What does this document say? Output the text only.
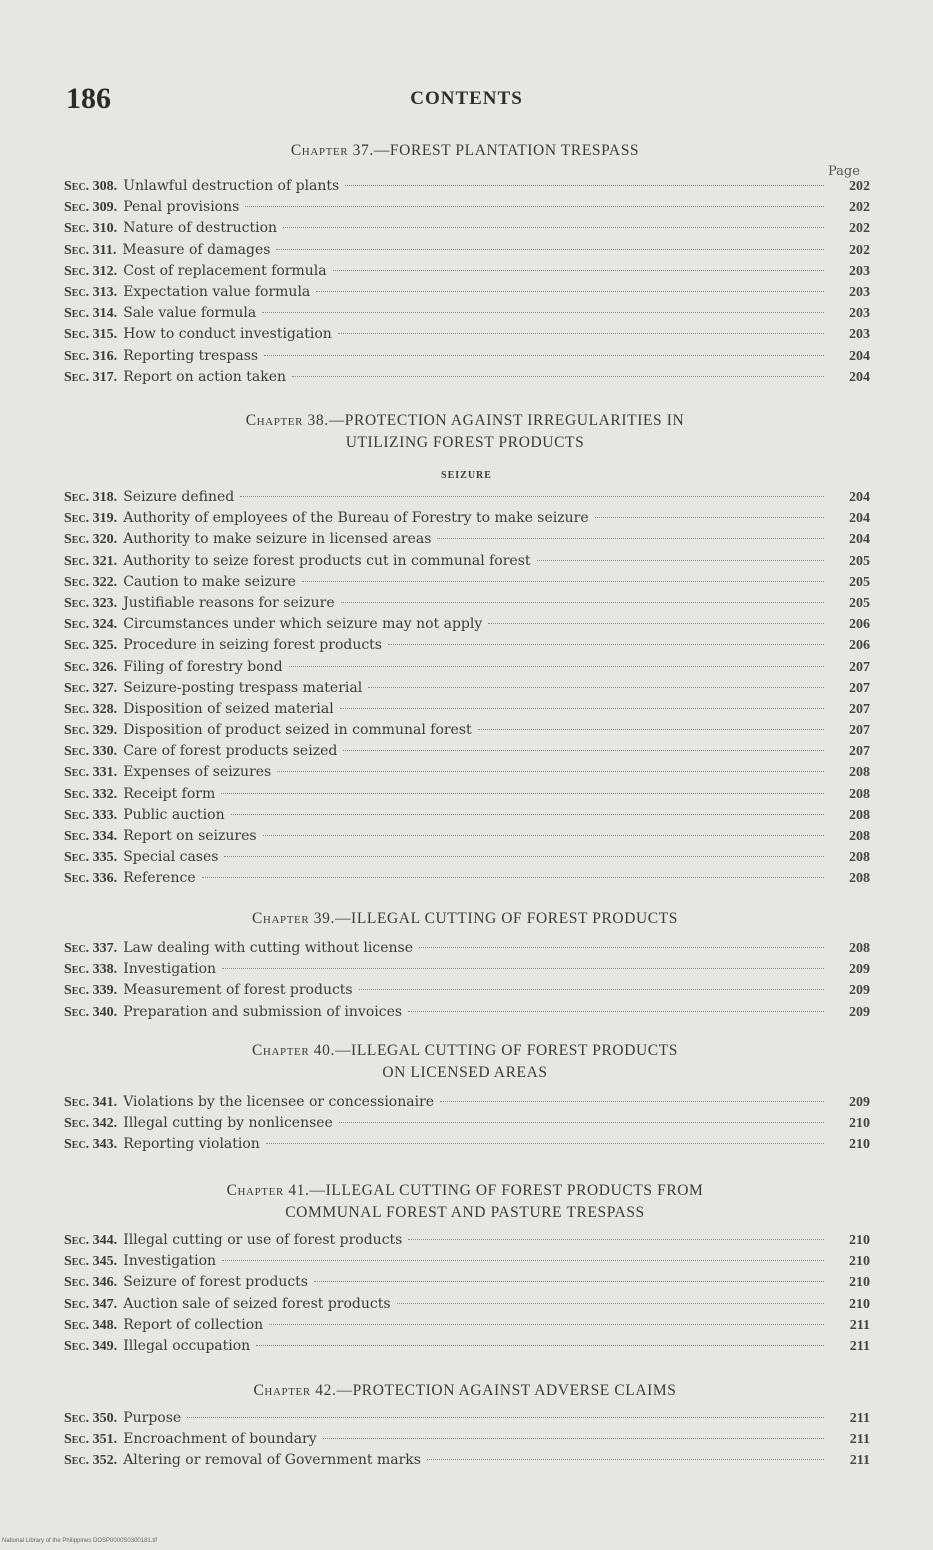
186	CONTENTS
Page
Chapter 37.—FOREST PLANTATION TRESPASS
Sec. 308. Unlawful destruction of plants	202
Sec. 309. Penal provisions	202
Sec. 310. Nature of destruction	202
Sec. 311. Measure of damages	202
Sec. 312. Cost of replacement formula	203
Sec. 313. Expectation value formula	203
Sec. 314. Sale value formula	203
Sec. 315. How to conduct investigation	203
Sec. 316. Reporting trespass	204
Sec. 317. Report on action taken	204
Chapter 38.—PROTECTION AGAINST IRREGULARITIES IN
UTILIZING FOREST PRODUCTS
SEIZURE
Sec. 318. Seizure defined	204
Sec. 319. Authority of employees of the Bureau of Forestry to make seizure	204
Sec. 320. Authority to make seizure in licensed areas	204
Sec. 321. Authority to seize forest products cut in communal forest	205
Sec. 322. Caution to make seizure	205
Sec. 323. Justifiable reasons for seizure	205
Sec. 324. Circumstances under which seizure may not apply	206
Sec. 325. Procedure in seizing forest products	206
Sec. 326. Filing of forestry bond	207
Sec. 327. Seizure-posting trespass material	207
Sec. 328. Disposition of seized material	207
Sec. 329. Disposition of product seized in communal forest	207
Sec. 330. Care of forest products seized	207
Sec. 331. Expenses of seizures	208
Sec. 332. Receipt form	208
Sec. 333. Public auction	208
Sec. 334. Report on seizures	208
Sec. 335. Special cases	208
Sec. 336. Reference	208
Chapter 39.—ILLEGAL CUTTING OF FOREST PRODUCTS
Sec. 337. Law dealing with cutting without license	208
Sec. 338. Investigation	209
Sec. 339. Measurement of forest products	209
Sec. 340. Preparation and submission of invoices	209
Chapter 40.—ILLEGAL CUTTING OF FOREST PRODUCTS
ON LICENSED AREAS
Sec. 341. Violations by the licensee or concessionaire	209
Sec. 342. Illegal cutting by nonlicensee	210
Sec. 343. Reporting violation	210
Chapter 41.—ILLEGAL CUTTING OF FOREST PRODUCTS FROM
COMMUNAL FOREST AND PASTURE TRESPASS
Sec. 344. Illegal cutting or use of forest products	210
Sec. 345. Investigation	210
Sec. 346. Seizure of forest products	210
Sec. 347. Auction sale of seized forest products	210
Sec. 348. Report of collection	211
Sec. 349. Illegal occupation	211
Chapter 42.—PROTECTION AGAINST ADVERSE CLAIMS
Sec. 350. Purpose	211
Sec. 351. Encroachment of boundary	211
Sec. 352. Altering or removal of Government marks	211
National Library of the Philippines DOSP0000S0300181.tif
